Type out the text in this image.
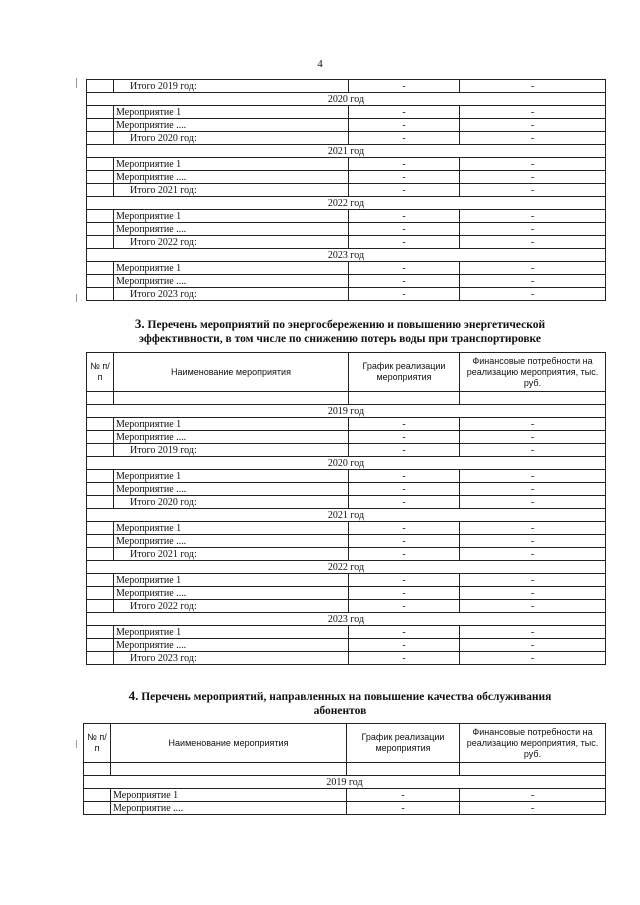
4
	Итого 2019 год:	-	-
2020 год			
	Мероприятие 1	-	-
	Мероприятие ....	-	-
	Итого 2020 год:	-	-
2021 год			
	Мероприятие 1	-	-
	Мероприятие ....	-	-
	Итого 2021 год:	-	-
2022 год			
	Мероприятие 1	-	-
	Мероприятие ....	-	-
	Итого 2022 год:	-	-
2023 год			
	Мероприятие 1	-	-
	Мероприятие ....	-	-
	Итого 2023 год:	-	-
3. Перечень мероприятий по энергосбережению и повышению энергетической
эффективности, в том числе по снижению потерь воды при транспортировке
№ п/п	Наименование мероприятия	График реализации мероприятия	Финансовые потребности на реализацию мероприятия, тыс. руб.

2019 год			
	Мероприятие 1	-	-
	Мероприятие ....	-	-
	Итого 2019 год:	-	-
2020 год			
	Мероприятие 1	-	-
	Мероприятие ....	-	-
	Итого 2020 год:	-	-
2021 год			
	Мероприятие 1	-	-
	Мероприятие ....	-	-
	Итого 2021 год:	-	-
2022 год			
	Мероприятие 1	-	-
	Мероприятие ....	-	-
	Итого 2022 год:	-	-
2023 год			
	Мероприятие 1	-	-
	Мероприятие ....	-	-
	Итого 2023 год:	-	-
4. Перечень мероприятий, направленных на повышение качества обслуживания
абонентов
№ п/п	Наименование мероприятия	График реализации мероприятия	Финансовые потребности на реализацию мероприятия, тыс. руб.

2019 год			
	Мероприятие 1	-	-
	Мероприятие ....	-	-
